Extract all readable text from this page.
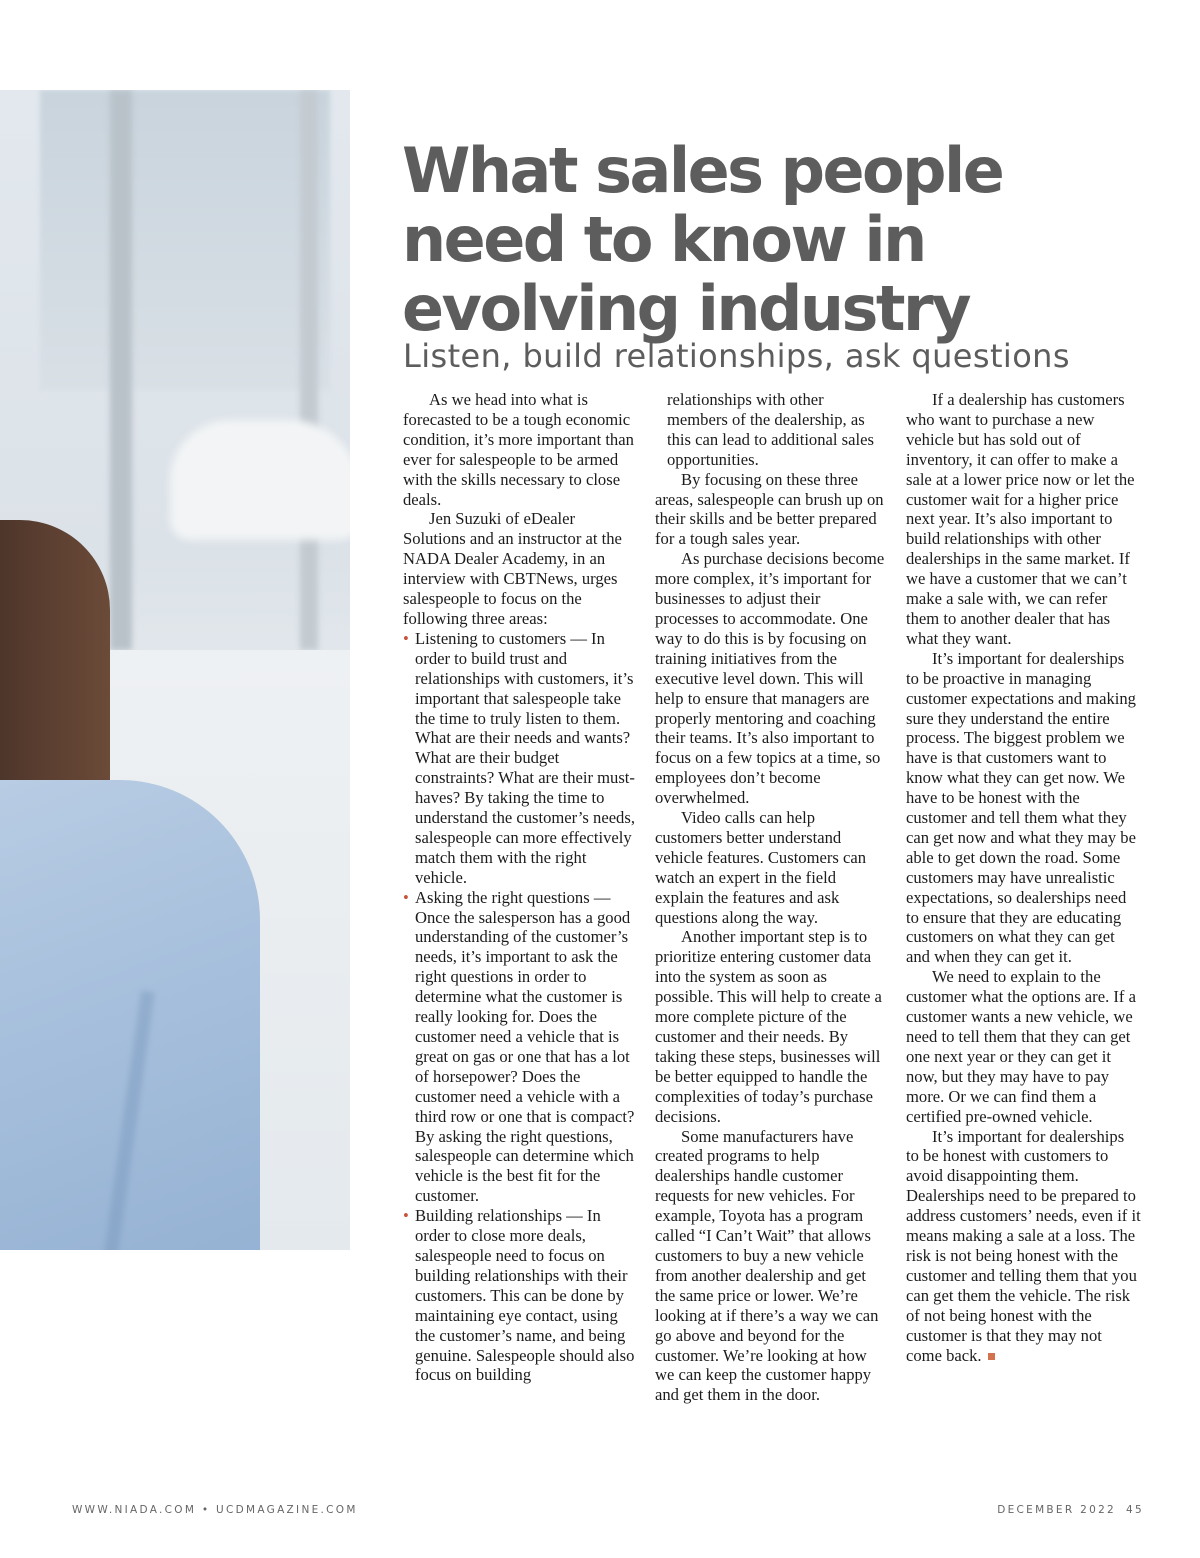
What sales people
need to know in
evolving industry
Listen, build relationships, ask questions

As we head into what is forecasted to be a tough economic condition, it’s more important than ever for salespeople to be armed with the skills necessary to close deals.

Jen Suzuki of eDealer Solutions and an instructor at the NADA Dealer Academy, in an interview with CBTNews, urges salespeople to focus on the following three areas:

• Listening to customers — In order to build trust and relationships with customers, it’s important that salespeople take the time to truly listen to them. What are their needs and wants? What are their budget constraints? What are their must-haves? By taking the time to understand the customer’s needs, salespeople can more effectively match them with the right vehicle.
• Asking the right questions — Once the salesperson has a good understanding of the customer’s needs, it’s important to ask the right questions in order to determine what the customer is really looking for. Does the customer need a vehicle that is great on gas or one that has a lot of horsepower? Does the customer need a vehicle with a third row or one that is compact? By asking the right questions, salespeople can determine which vehicle is the best fit for the customer.
• Building relationships — In order to close more deals, salespeople need to focus on building relationships with their customers. This can be done by maintaining eye contact, using the customer’s name, and being genuine. Salespeople should also focus on building

relationships with other members of the dealership, as this can lead to additional sales opportunities.

By focusing on these three areas, salespeople can brush up on their skills and be better prepared for a tough sales year.

As purchase decisions become more complex, it’s important for businesses to adjust their processes to accommodate. One way to do this is by focusing on training initiatives from the executive level down. This will help to ensure that managers are properly mentoring and coaching their teams. It’s also important to focus on a few topics at a time, so employees don’t become overwhelmed.

Video calls can help customers better understand vehicle features. Customers can watch an expert in the field explain the features and ask questions along the way.

Another important step is to prioritize entering customer data into the system as soon as possible. This will help to create a more complete picture of the customer and their needs. By taking these steps, businesses will be better equipped to handle the complexities of today’s purchase decisions.

Some manufacturers have created programs to help dealerships handle customer requests for new vehicles. For example, Toyota has a program called “I Can’t Wait” that allows customers to buy a new vehicle from another dealership and get the same price or lower. We’re looking at if there’s a way we can go above and beyond for the customer. We’re looking at how we can keep the customer happy and get them in the door.

If a dealership has customers who want to purchase a new vehicle but has sold out of inventory, it can offer to make a sale at a lower price now or let the customer wait for a higher price next year. It’s also important to build relationships with other dealerships in the same market. If we have a customer that we can’t make a sale with, we can refer them to another dealer that has what they want.

It’s important for dealerships to be proactive in managing customer expectations and making sure they understand the entire process. The biggest problem we have is that customers want to know what they can get now. We have to be honest with the customer and tell them what they can get now and what they may be able to get down the road. Some customers may have unrealistic expectations, so dealerships need to ensure that they are educating customers on what they can get and when they can get it.

We need to explain to the customer what the options are. If a customer wants a new vehicle, we need to tell them that they can get one next year or they can get it now, but they may have to pay more. Or we can find them a certified pre-owned vehicle.

It’s important for dealerships to be honest with customers to avoid disappointing them. Dealerships need to be prepared to address customers’ needs, even if it means making a sale at a loss. The risk is not being honest with the customer and telling them that you can get them the vehicle. The risk of not being honest with the customer is that they may not come back.

WWW.NIADA.COM • UCDMAGAZINE.COM	DECEMBER 2022 45
